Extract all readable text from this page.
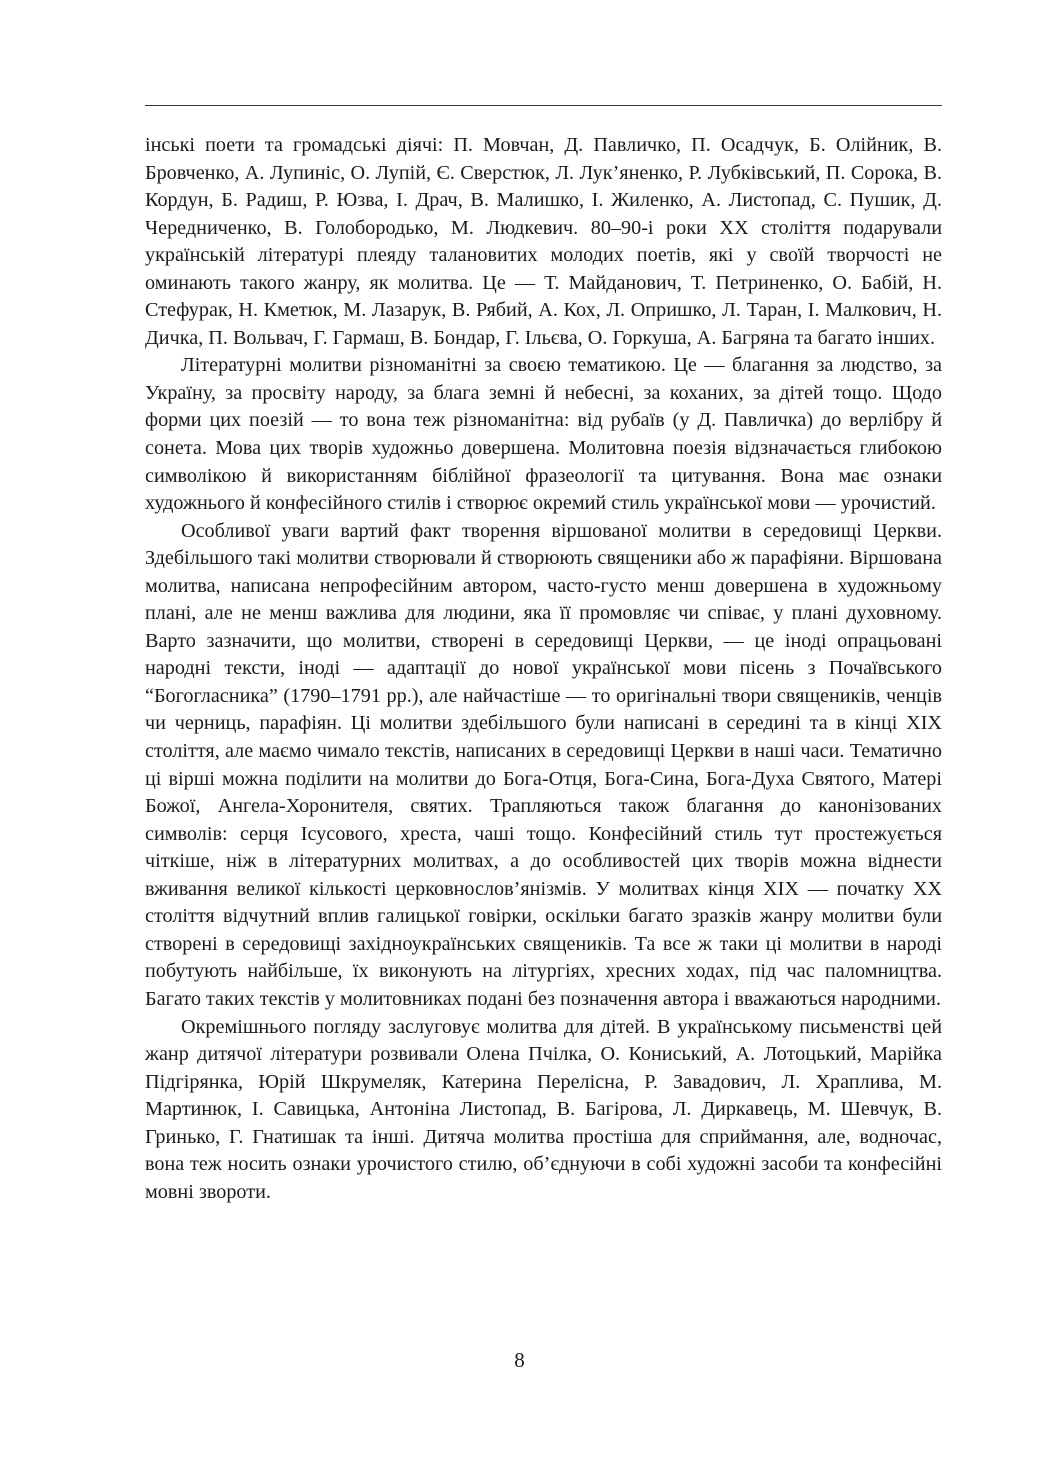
інські поети та громадські діячі: П. Мовчан, Д. Павличко, П. Осадчук, Б. Олійник, В. Бровченко, А. Лупиніс, О. Лупій, Є. Сверстюк, Л. Лук’яненко, Р. Лубківський, П. Сорока, В. Кордун, Б. Радиш, Р. Юзва, І. Драч, В. Малишко, І. Жиленко, А. Листопад, С. Пушик, Д. Чередниченко, В. Голобородько, М. Людкевич. 80–90-і роки XX століття подарували українській літературі плеяду талановитих молодих поетів, які у своїй творчості не оминають такого жанру, як молитва. Це — Т. Майданович, Т. Петриненко, О. Бабій, Н. Стефурак, Н. Кметюк, М. Лазарук, В. Рябий, А. Кох, Л. Опришко, Л. Таран, І. Малкович, Н. Дичка, П. Вольвач, Г. Гармаш, В. Бондар, Г. Ільєва, О. Горкуша, А. Багряна та багато інших.

Літературні молитви різноманітні за своєю тематикою. Це — благання за людство, за Україну, за просвіту народу, за блага земні й небесні, за коханих, за дітей тощо. Щодо форми цих поезій — то вона теж різноманітна: від рубаїв (у Д. Павличка) до верлібру й сонета. Мова цих творів художньо довершена. Молитовна поезія відзначається глибокою символікою й використанням біблійної фразеології та цитування. Вона має ознаки художнього й конфесійного стилів і створює окремий стиль української мови — урочистий.

Особливої уваги вартий факт творення віршованої молитви в середовищі Церкви. Здебільшого такі молитви створювали й створюють священики або ж парафіяни. Віршована молитва, написана непрофесійним автором, часто-густо менш довершена в художньому плані, але не менш важлива для людини, яка її промовляє чи співає, у плані духовному. Варто зазначити, що молитви, створені в середовищі Церкви, — це іноді опрацьовані народні тексти, іноді — адаптації до нової української мови пісень з Почаївського “Богогласника” (1790–1791 рр.), але найчастіше — то оригінальні твори священиків, ченців чи черниць, парафіян. Ці молитви здебільшого були написані в середині та в кінці XIX століття, але маємо чимало текстів, написаних в середовищі Церкви в наші часи. Тематично ці вірші можна поділити на молитви до Бога-Отця, Бога-Сина, Бога-Духа Святого, Матері Божої, Ангела-Хоронителя, святих. Трапляються також благання до канонізованих символів: серця Ісусового, хреста, чаші тощо. Конфесійний стиль тут простежується чіткіше, ніж в літературних молитвах, а до особливостей цих творів можна віднести вживання великої кількості церковнослов’янізмів. У молитвах кінця XIX — початку XX століття відчутний вплив галицької говірки, оскільки багато зразків жанру молитви були створені в середовищі західноукраїнських священиків. Та все ж таки ці молитви в народі побутують найбільше, їх виконують на літургіях, хресних ходах, під час паломництва. Багато таких текстів у молитовниках подані без позначення автора і вважаються народними.

Окремішнього погляду заслуговує молитва для дітей. В українському письменстві цей жанр дитячої літератури розвивали Олена Пчілка, О. Кониський, А. Лотоцький, Марійка Підгірянка, Юрій Шкрумеляк, Катерина Перелісна, Р. Завадович, Л. Храплива, М. Мартинюк, І. Савицька, Антоніна Листопад, В. Багірова, Л. Диркавець, М. Шевчук, В. Гринько, Г. Гнатишак та інші. Дитяча молитва простіша для сприймання, але, водночас, вона теж носить ознаки урочистого стилю, об’єднуючи в собі художні засоби та конфесійні мовні звороти.

8
